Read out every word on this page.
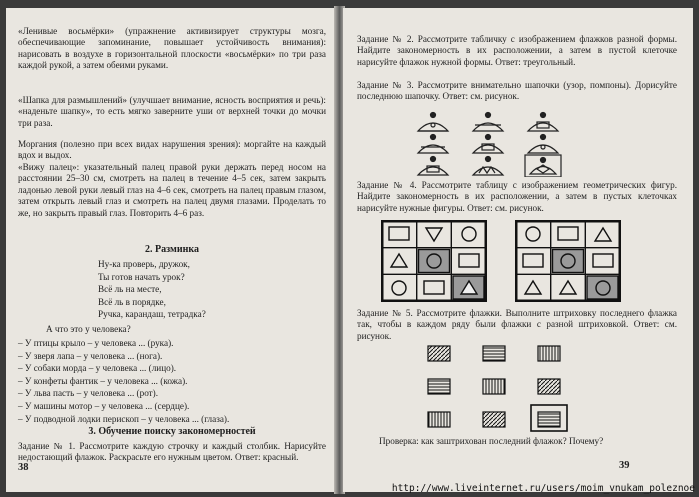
«Ленивые восьмёрки» (упражнение активизирует структуры мозга, обеспечивающие запоминание, повышает устойчивость внимания): нарисовать в воздухе в горизонтальной плоскости «восьмёрки» по три раза каждой рукой, а затем обеими руками.
«Шапка для размышлений» (улучшает внимание, ясность восприятия и речь): «наденьте шапку», то есть мягко заверните уши от верхней точки до мочки три раза.
Моргания (полезно при всех видах нарушения зрения): моргайте на каждый вдох и выдох.
«Вижу палец»: указательный палец правой руки держать перед носом на расстоянии 25–30 см, смотреть на палец в течение 4–5 сек, затем закрыть ладонью левой руки левый глаз на 4–6 сек, смотреть на палец правым глазом, затем открыть левый глаз и смотреть на палец двумя глазами. Проделать то же, но закрыть правый глаз. Повторить 4–6 раз.
2. Разминка
Ну-ка проверь, дружок,
Ты готов начать урок?
Всё ль на месте,
Всё ль в порядке,
Ручка, карандаш, тетрадка?
А что это у человека?
– У птицы крыло – у человека ... (рука).
– У зверя лапа – у человека ... (нога).
– У собаки морда – у человека ... (лицо).
– У конфеты фантик – у человека ... (кожа).
– У льва пасть – у человека ... (рот).
– У машины мотор – у человека ... (сердце).
– У подводной лодки перископ – у человека ... (глаза).
3. Обучение поиску закономерностей
Задание № 1. Рассмотрите каждую строчку и каждый столбик. Нарисуйте недостающий флажок. Раскрасьте его нужным цветом. Ответ: красный.
38
Задание № 2. Рассмотрите табличку с изображением флажков разной формы. Найдите закономерность в их расположении, а затем в пустой клеточке нарисуйте флажок нужной формы. Ответ: треугольный.
Задание № 3. Рассмотрите внимательно шапочки (узор, помпоны). Дорисуйте последнюю шапочку. Ответ: см. рисунок.
Задание № 4. Рассмотрите таблицу с изображением геометрических фигур. Найдите закономерность в их расположении, а затем в пустых клеточках нарисуйте нужные фигуры. Ответ: см. рисунок.
Задание № 5. Рассмотрите флажки. Выполните штриховку последнего флажка так, чтобы в каждом ряду были флажки с разной штриховкой. Ответ: см. рисунок.
Проверка: как заштрихован последний флажок? Почему?
39
http://www.liveinternet.ru/users/moim_vnukam_poleznoe
